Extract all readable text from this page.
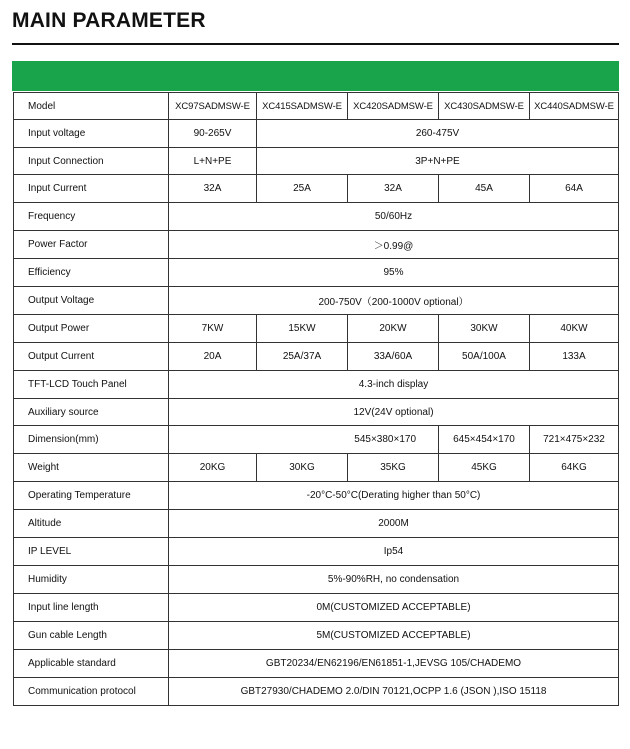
MAIN PARAMETER
Model	XC97SADMSW-E	XC415SADMSW-E	XC420SADMSW-E	XC430SADMSW-E	XC440SADMSW-E
Input voltage	90-265V	260-475V			
Input Connection	L+N+PE	3P+N+PE			
Input Current	32A	25A	32A	45A	64A
Frequency	50/60Hz				
Power Factor	＞0.99@				
Efficiency	95%				
Output Voltage	200-750V（200-1000V optional）				
Output Power	7KW	15KW	20KW	30KW	40KW
Output Current	20A	25A/37A	33A/60A	50A/100A	133A
TFT-LCD Touch Panel	4.3-inch display				
Auxiliary source	12V(24V optional)				
Dimension(mm)	545×380×170			645×454×170	721×475×232
Weight	20KG	30KG	35KG	45KG	64KG
Operating Temperature	-20°C-50°C(Derating higher than 50°C)				
Altitude	2000M				
IP LEVEL	Ip54				
Humidity	5%-90%RH, no condensation				
Input line length	0M(CUSTOMIZED ACCEPTABLE)				
Gun cable Length	5M(CUSTOMIZED ACCEPTABLE)				
Applicable standard	GBT20234/EN62196/EN61851-1,JEVSG 105/CHADEMO				
Communication protocol	GBT27930/CHADEMO 2.0/DIN 70121,OCPP 1.6 (JSON ),ISO 15118				
